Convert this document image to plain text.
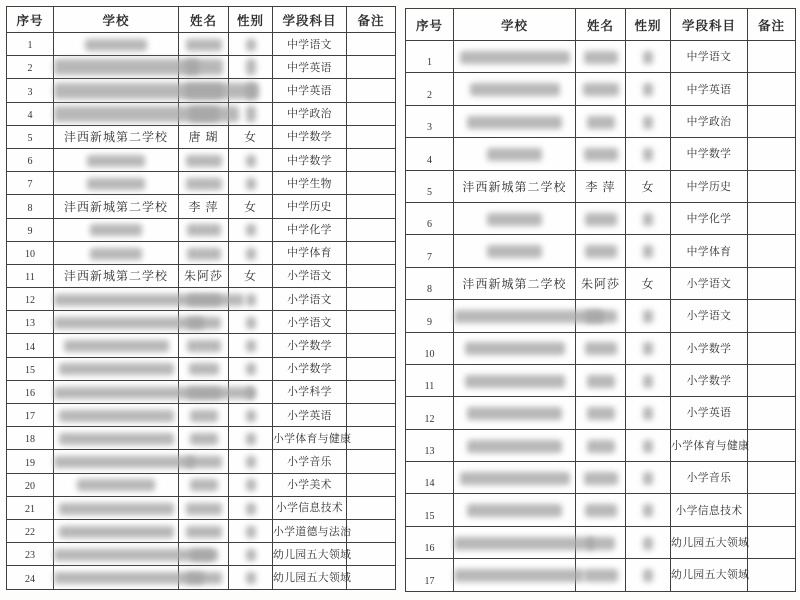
序号	学校	姓名	性别	学段科目	备注
1				中学语文	
2				中学英语	
3				中学英语	
4				中学政治	
5	沣西新城第二学校	唐 瑚	女	中学数学	
6				中学数学	
7				中学生物	
8	沣西新城第二学校	李 萍	女	中学历史	
9				中学化学	
10				中学体育	
11	沣西新城第二学校	朱阿莎	女	小学语文	
12				小学语文	
13				小学语文	
14				小学数学	
15				小学数学	
16				小学科学	
17				小学英语	
18				小学体育与健康	
19				小学音乐	
20				小学美术	
21				小学信息技术	
22				小学道德与法治	
23				幼儿园五大领域	
24				幼儿园五大领域	
序号	学校	姓名	性别	学段科目	备注
1				中学语文	
2				中学英语	
3				中学政治	
4				中学数学	
5	沣西新城第二学校	李 萍	女	中学历史	
6				中学化学	
7				中学体育	
8	沣西新城第二学校	朱阿莎	女	小学语文	
9				小学语文	
10				小学数学	
11				小学数学	
12				小学英语	
13				小学体育与健康	
14				小学音乐	
15				小学信息技术	
16				幼儿园五大领域	
17				幼儿园五大领域	
